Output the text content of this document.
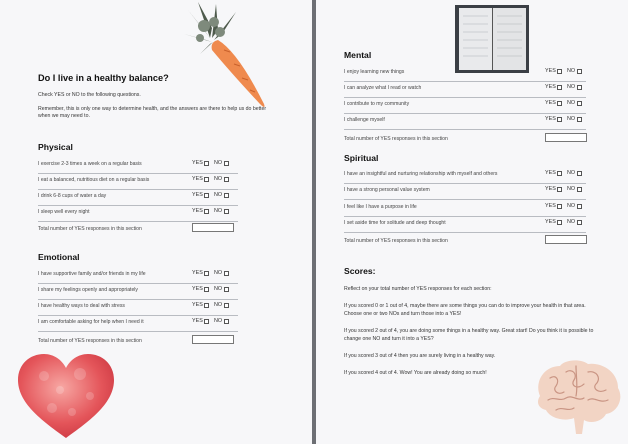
Do I live in a healthy balance?
Check YES or NO to the following questions.
Remember, this is only one way to determine health, and the answers are there to help us do better when we may need to.
Physical
I exercise 2-3 times a week on a regular basis	YES NO
I eat a balanced, nutritious diet on a regular basis	YES NO
I drink 6-8 cups of water a day	YES NO
I sleep well every night	YES NO
Total number of YES responses in this section
Emotional
I have supportive family and/or friends in my life	YES NO
I share my feelings openly and appropriately	YES NO
I have healthy ways to deal with stress	YES NO
I am comfortable asking for help when I need it	YES NO
Total number of YES responses in this section
Mental
I enjoy learning new things	YES NO
I can analyze what I read or watch	YES NO
I contribute to my community	YES NO
I challenge myself	YES NO
Total number of YES responses in this section
Spiritual
I have an insightful and nurturing relationship with myself and others	YES NO
I have a strong personal value system	YES NO
I feel like I have a purpose in life	YES NO
I set aside time for solitude and deep thought	YES NO
Total number of YES responses in this section
Scores:
Reflect on your total number of YES responses for each section:
If you scored 0 or 1 out of 4, maybe there are some things you can do to improve your health in that area. Choose one or two NOs and turn those into a YES!
If you scored 2 out of 4, you are doing some things in a healthy way. Great start! Do you think it is possible to change one NO and turn it into a YES?
If you scored 3 out of 4 then you are surely living in a healthy way.
If you scored 4 out of 4. Wow! You are already doing so much!
